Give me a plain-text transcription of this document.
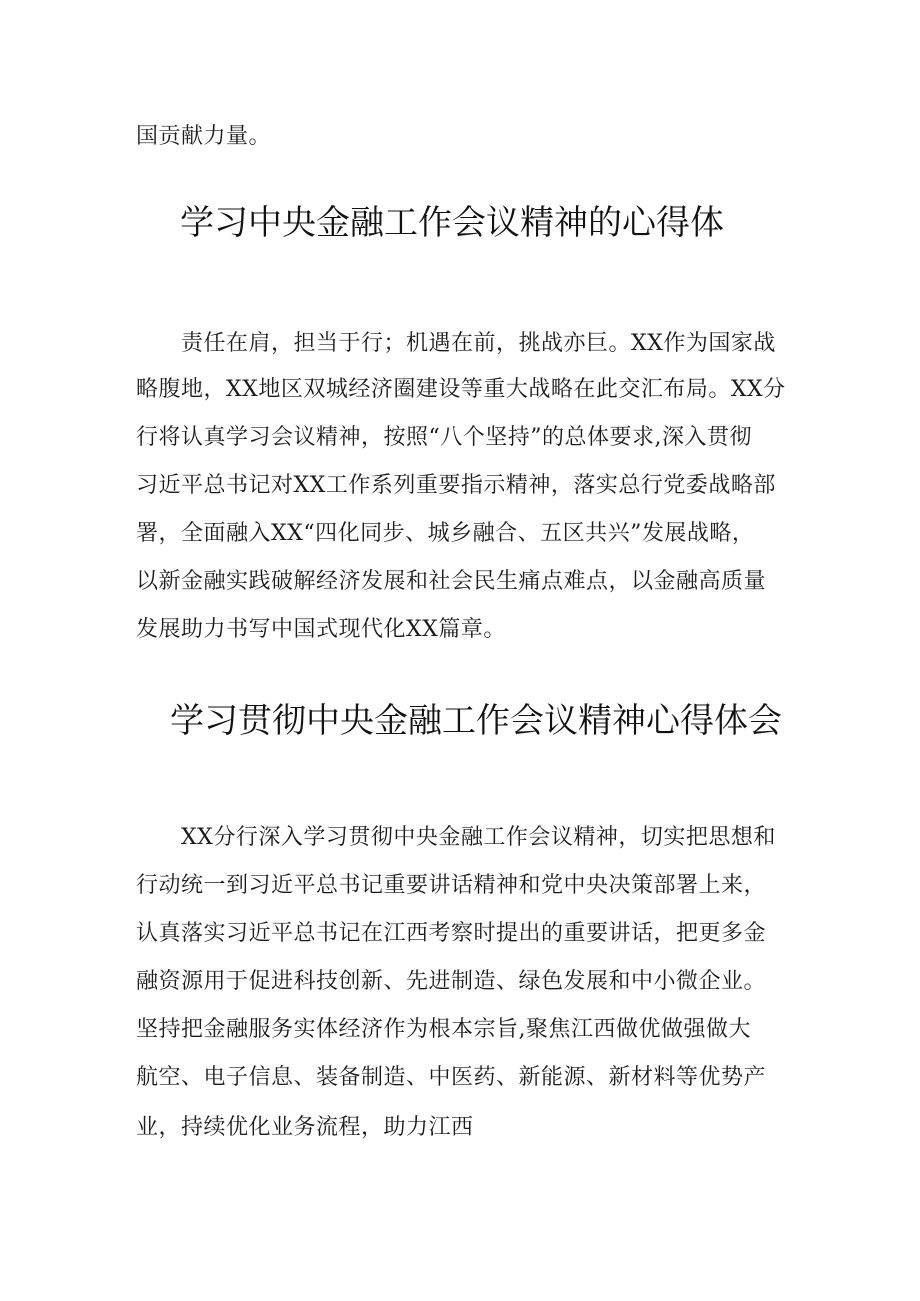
国贡献力量。

学习中央金融工作会议精神的心得体

　　责任在肩，担当于行；机遇在前，挑战亦巨。XX作为国家战

略腹地，XX地区双城经济圈建设等重大战略在此交汇布局。XX分

行将认真学习会议精神，按照“八个坚持”的总体要求,深入贯彻

习近平总书记对XX工作系列重要指示精神，落实总行党委战略部

署，全面融入XX“四化同步、城乡融合、五区共兴”发展战略，

以新金融实践破解经济发展和社会民生痛点难点，以金融高质量

发展助力书写中国式现代化XX篇章。

学习贯彻中央金融工作会议精神心得体会

　　XX分行深入学习贯彻中央金融工作会议精神，切实把思想和

行动统一到习近平总书记重要讲话精神和党中央决策部署上来，

认真落实习近平总书记在江西考察时提出的重要讲话，把更多金

融资源用于促进科技创新、先进制造、绿色发展和中小微企业。

坚持把金融服务实体经济作为根本宗旨,聚焦江西做优做强做大

航空、电子信息、装备制造、中医药、新能源、新材料等优势产

业，持续优化业务流程，助力江西
